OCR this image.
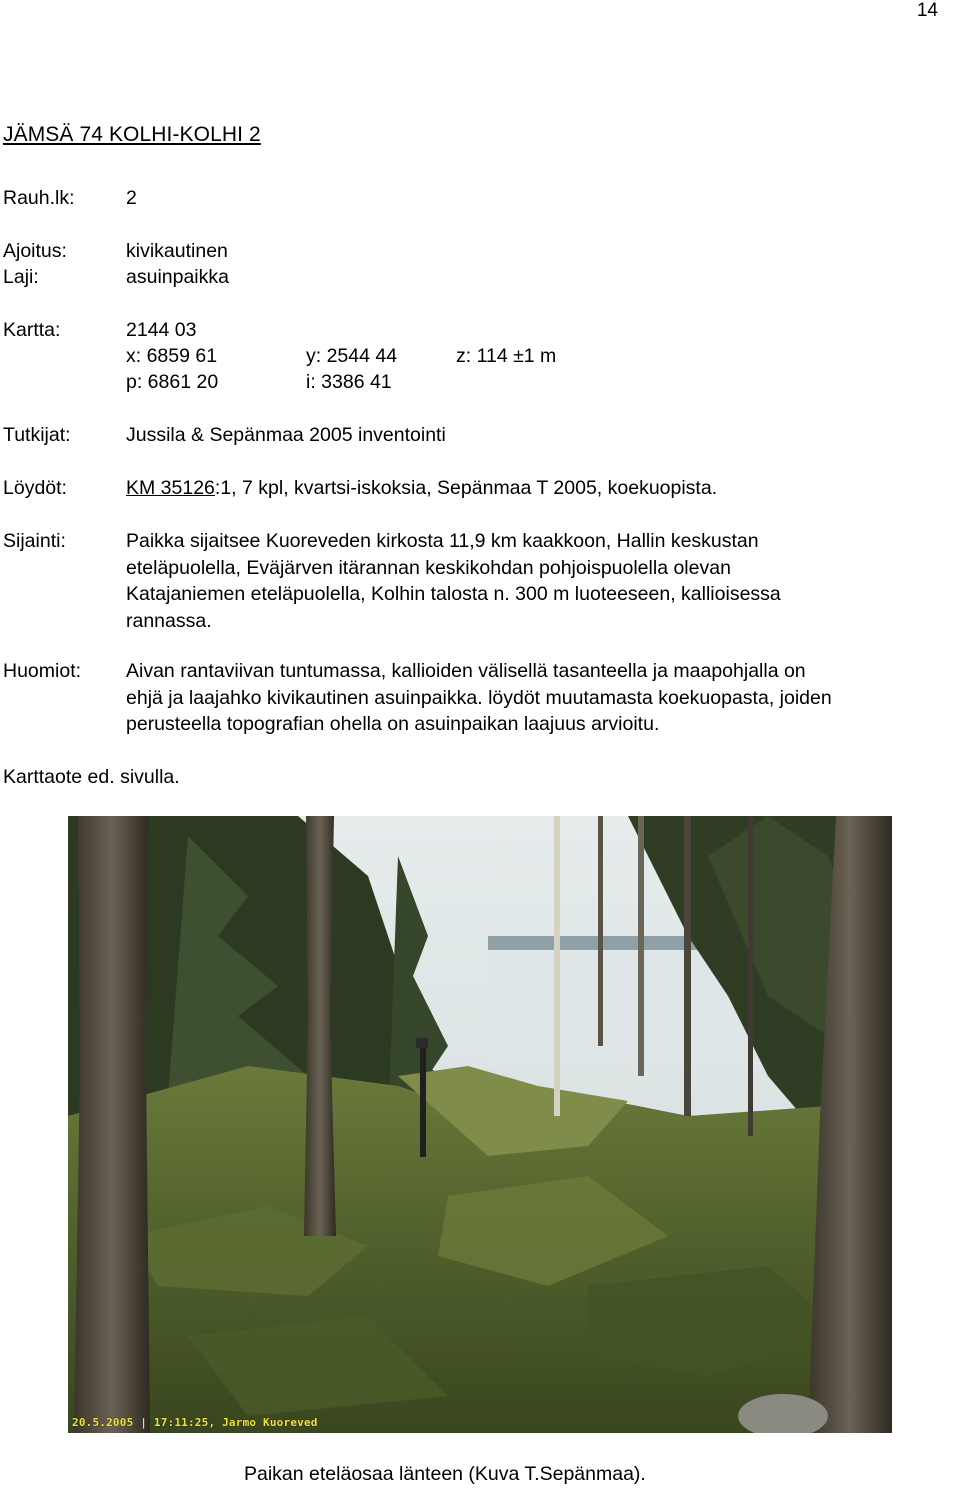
14
JÄMSÄ 74 KOLHI-KOLHI 2
Rauh.lk:	2
Ajoitus:	kivikautinen
Laji:	asuinpaikka
Kartta:	2144 03
x: 6859 61	y: 2544 44	z: 114 ±1 m
p: 6861 20	i: 3386 41
Tutkijat:	Jussila & Sepänmaa 2005 inventointi
Löydöt:	KM 35126:1, 7 kpl, kvartsi-iskoksia, Sepänmaa T 2005, koekuopista.
Sijainti:	Paikka sijaitsee Kuoreveden kirkosta 11,9 km kaakkoon, Hallin keskustan
eteläpuolella, Eväjärven itärannan keskikohdan pohjoispuolella olevan
Katajaniemen eteläpuolella, Kolhin talosta n. 300 m luoteeseen, kallioisessa
rannassa.
Huomiot: Aivan rantaviivan tuntumassa, kallioiden välisellä tasanteella ja maapohjalla on
ehjä ja laajahko kivikautinen asuinpaikka. löydöt muutamasta koekuopasta, joiden
perusteella topografian ohella on asuinpaikan laajuus arvioitu.
Karttaote ed. sivulla.
20.5.2005 | 17:11:25, Jarmo Kuoreved
Paikan eteläosaa länteen (Kuva T.Sepänmaa).
